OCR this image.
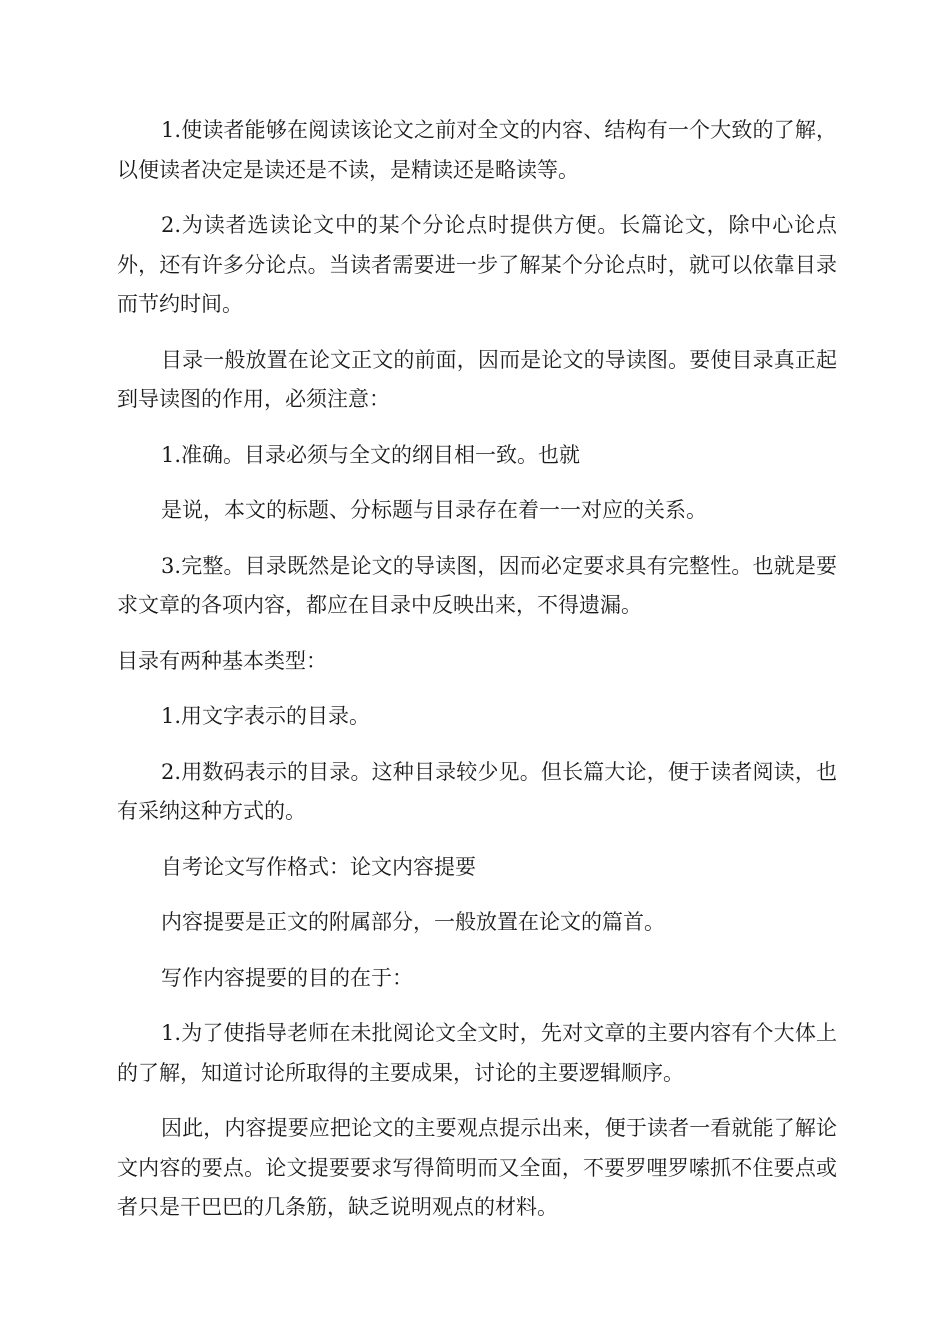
1.使读者能够在阅读该论文之前对全文的内容、结构有一个大致的了解，以便读者决定是读还是不读，是精读还是略读等。

2.为读者选读论文中的某个分论点时提供方便。长篇论文，除中心论点外，还有许多分论点。当读者需要进一步了解某个分论点时，就可以依靠目录而节约时间。

目录一般放置在论文正文的前面，因而是论文的导读图。要使目录真正起到导读图的作用，必须注意：

1.准确。目录必须与全文的纲目相一致。也就

是说，本文的标题、分标题与目录存在着一一对应的关系。

3.完整。目录既然是论文的导读图，因而必定要求具有完整性。也就是要求文章的各项内容，都应在目录中反映出来，不得遗漏。

目录有两种基本类型：

1.用文字表示的目录。

2.用数码表示的目录。这种目录较少见。但长篇大论，便于读者阅读，也有采纳这种方式的。

自考论文写作格式：论文内容提要

内容提要是正文的附属部分，一般放置在论文的篇首。

写作内容提要的目的在于：

1.为了使指导老师在未批阅论文全文时，先对文章的主要内容有个大体上的了解，知道讨论所取得的主要成果，讨论的主要逻辑顺序。

因此，内容提要应把论文的主要观点提示出来，便于读者一看就能了解论文内容的要点。论文提要要求写得简明而又全面，不要罗哩罗嗦抓不住要点或者只是干巴巴的几条筋，缺乏说明观点的材料。
